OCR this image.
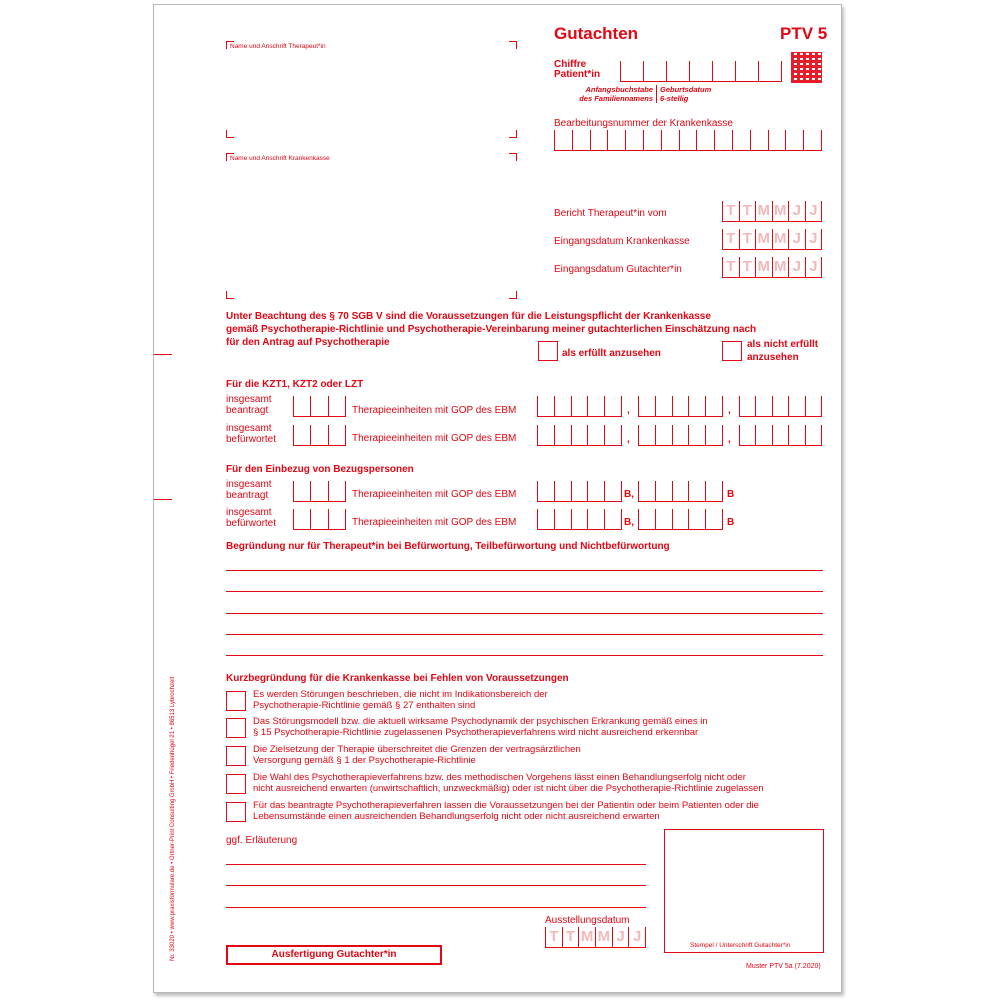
Nr. 33020 • www.praxisformulare.de • Ortner-Print Consulting GmbH • Friedenhügel 21 • 86513 Lybrochzeit
Name und Anschrift Therapeut*in
Name und Anschrift Krankenkasse
Gutachten	PTV 5
Chiffre
Patient*in
Anfangsbuchstabe
des Familiennamens
Geburtsdatum
6-stellig
Bearbeitungsnummer der Krankenkasse
Bericht Therapeut*in vom	T T M M J J
Eingangsdatum Krankenkasse T T M M J J
Eingangsdatum Gutachter*in	T T M M J J
Unter Beachtung des § 70 SGB V sind die Voraussetzungen für die Leistungspflicht der Krankenkasse
gemäß Psychotherapie-Richtlinie und Psychotherapie-Vereinbarung meiner gutachterlichen Einschätzung nach
für den Antrag auf Psychotherapie
als erfüllt anzusehen
als nicht erfüllt
anzusehen
Für die KZT1, KZT2 oder LZT
insgesamt
beantragt	Therapieeinheiten mit GOP des EBM	,	,
insgesamt
befürwortet	Therapieeinheiten mit GOP des EBM	,	,
Für den Einbezug von Bezugspersonen
insgesamt
beantragt	Therapieeinheiten mit GOP des EBM	B,	B
insgesamt
befürwortet	Therapieeinheiten mit GOP des EBM	B,	B
Begründung nur für Therapeut*in bei Befürwortung, Teilbefürwortung und Nichtbefürwortung
Kurzbegründung für die Krankenkasse bei Fehlen von Voraussetzungen
Es werden Störungen beschrieben, die nicht im Indikationsbereich der
Psychotherapie-Richtlinie gemäß § 27 enthalten sind
Das Störungsmodell bzw. die aktuell wirksame Psychodynamik der psychischen Erkrankung gemäß eines in
§ 15 Psychotherapie-Richtlinie zugelassenen Psychotherapieverfahrens wird nicht ausreichend erkennbar
Die Zielsetzung der Therapie überschreitet die Grenzen der vertragsärztlichen
Versorgung gemäß § 1 der Psychotherapie-Richtlinie
Die Wahl des Psychotherapieverfahrens bzw. des methodischen Vorgehens lässt einen Behandlungserfolg nicht oder
nicht ausreichend erwarten (unwirtschaftlich, unzweckmäßig) oder ist nicht über die Psychotherapie-Richtlinie zugelassen
Für das beantragte Psychotherapieverfahren lassen die Voraussetzungen bei der Patientin oder beim Patienten oder die
Lebensumstände einen ausreichenden Behandlungserfolg nicht oder nicht ausreichend erwarten
ggf. Erläuterung
Stempel / Unterschrift Gutachter*in
Ausstellungsdatum
T T M M J J
Ausfertigung Gutachter*in
Muster PTV 5a (7.2020)
